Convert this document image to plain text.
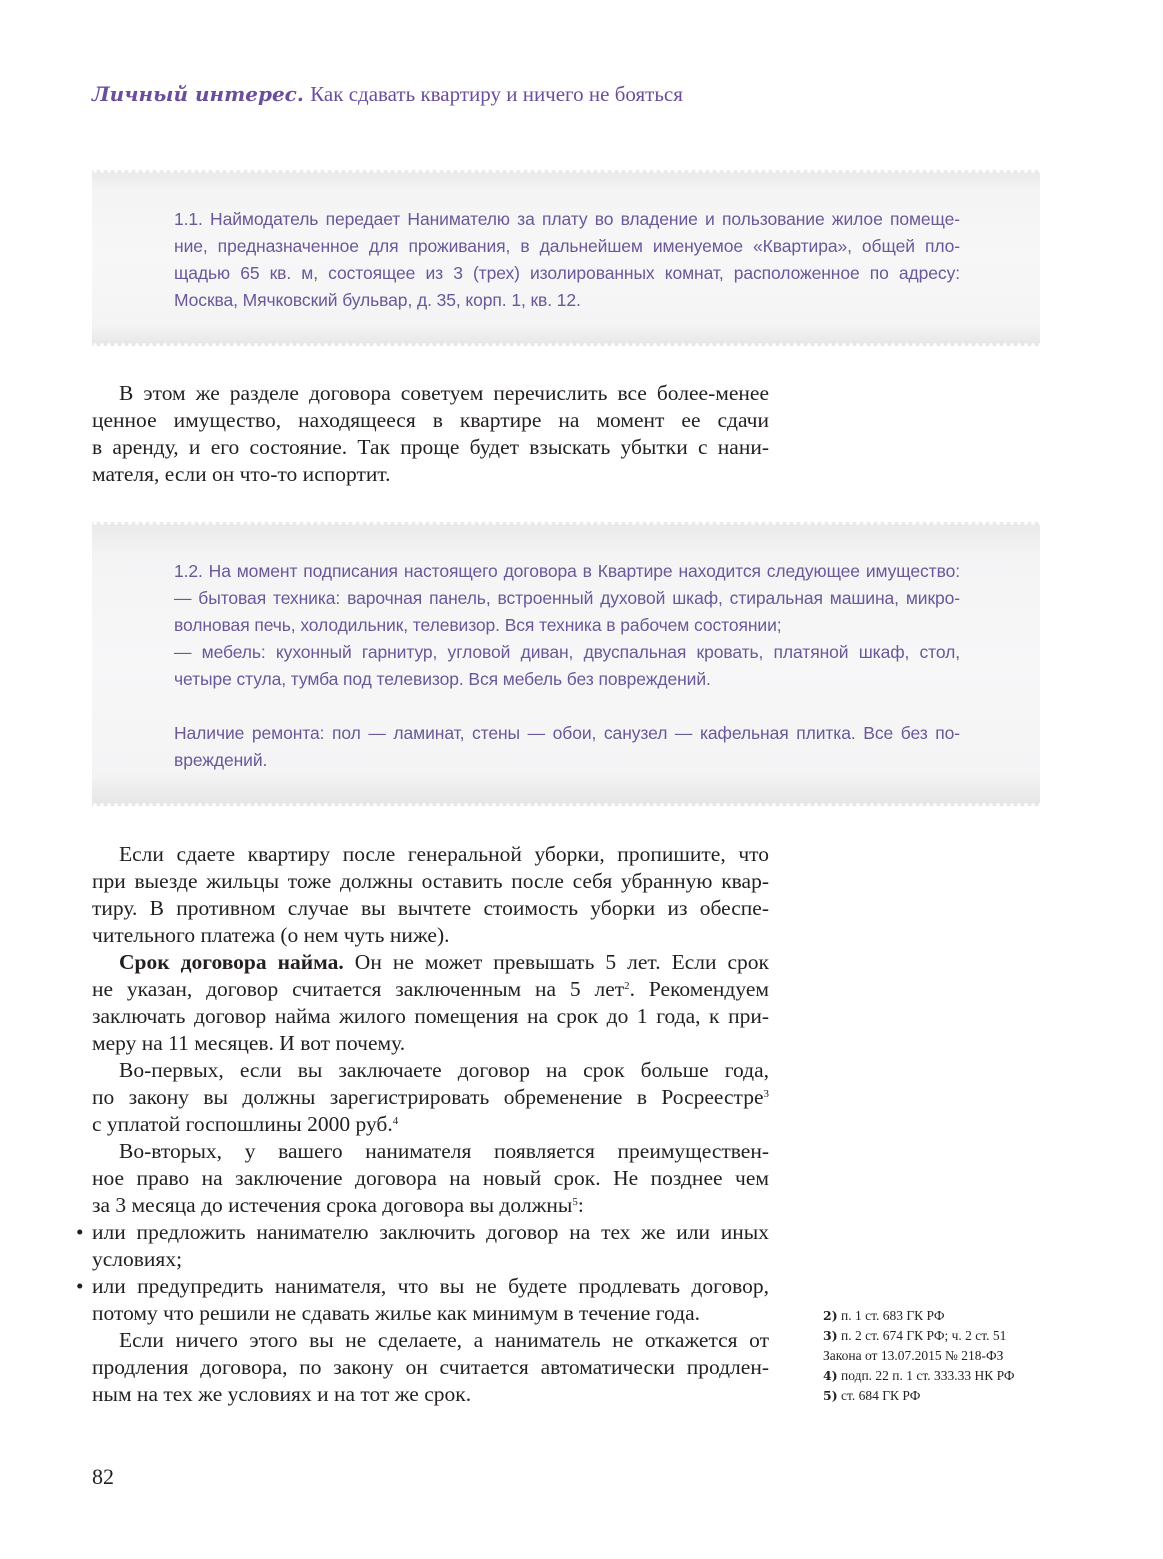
Личный интерес. Как сдавать квартиру и ничего не бояться

1.1. Наймодатель передает Нанимателю за плату во владение и пользование жилое помеще-

ние, предназначенное для проживания, в дальнейшем именуемое «Квартира», общей пло-

щадью 65 кв. м, состоящее из 3 (трех) изолированных комнат, расположенное по адресу:

Москва, Мячковский бульвар, д. 35, корп. 1, кв. 12.

В этом же разделе договора советуем перечислить все более-менее

ценное имущество, находящееся в квартире на момент ее сдачи

в аренду, и его состояние. Так проще будет взыскать убытки с нани-

мателя, если он что-то испортит.

1.2. На момент подписания настоящего договора в Квартире находится следующее имущество:

— бытовая техника: варочная панель, встроенный духовой шкаф, стиральная машина, микро-

волновая печь, холодильник, телевизор. Вся техника в рабочем состоянии;

— мебель: кухонный гарнитур, угловой диван, двуспальная кровать, платяной шкаф, стол,

четыре стула, тумба под телевизор. Вся мебель без повреждений.

Наличие ремонта: пол — ламинат, стены — обои, санузел — кафельная плитка. Все без по-

вреждений.

Если сдаете квартиру после генеральной уборки, пропишите, что

при выезде жильцы тоже должны оставить после себя убранную квар-

тиру. В противном случае вы вычтете стоимость уборки из обеспе-

чительного платежа (о нем чуть ниже).

Срок договора найма. Он не может превышать 5 лет. Если срок

не указан, договор считается заключенным на 5 лет$^2$. Рекомендуем

заключать договор найма жилого помещения на срок до 1 года, к при-

меру на 11 месяцев. И вот почему.

Во-первых, если вы заключаете договор на срок больше года,

по закону вы должны зарегистрировать обременение в Росреестре$^3$

с уплатой госпошлины 2000 руб.$^4$

Во-вторых, у вашего нанимателя появляется преимуществен-

ное право на заключение договора на новый срок. Не позднее чем

за 3 месяца до истечения срока договора вы должны$^5$:

• или предложить нанимателю заключить договор на тех же или иных
условиях;
• или предупредить нанимателя, что вы не будете продлевать договор,
потому что решили не сдавать жилье как минимум в течение года.

Если ничего этого вы не сделаете, а наниматель не откажется от

продления договора, по закону он считается автоматически продлен-

ным на тех же условиях и на тот же срок.

2) п. 1 ст. 683 ГК РФ
3) п. 2 ст. 674 ГК РФ; ч. 2 ст. 51
Закона от 13.07.2015 № 218-ФЗ
4) подп. 22 п. 1 ст. 333.33 НК РФ
5) ст. 684 ГК РФ
82
